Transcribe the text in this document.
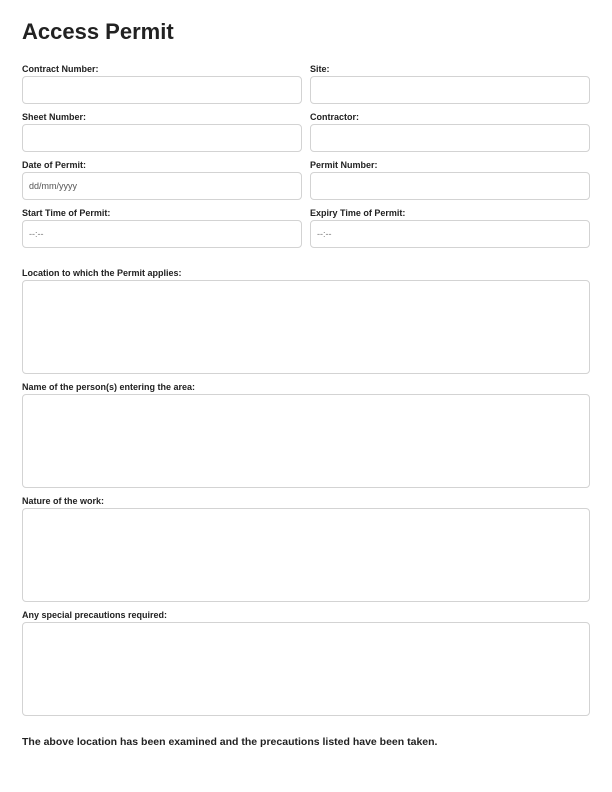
Access Permit
Contract Number:	Site:
Sheet Number:	Contractor:
Date of Permit:
dd/mm/yyyy
Permit Number:
Start Time of Permit:
--:--
Expiry Time of Permit:
--:--
Location to which the Permit applies:
Name of the person(s) entering the area:
Nature of the work:
Any special precautions required:
The above location has been examined and the precautions listed have been taken.
